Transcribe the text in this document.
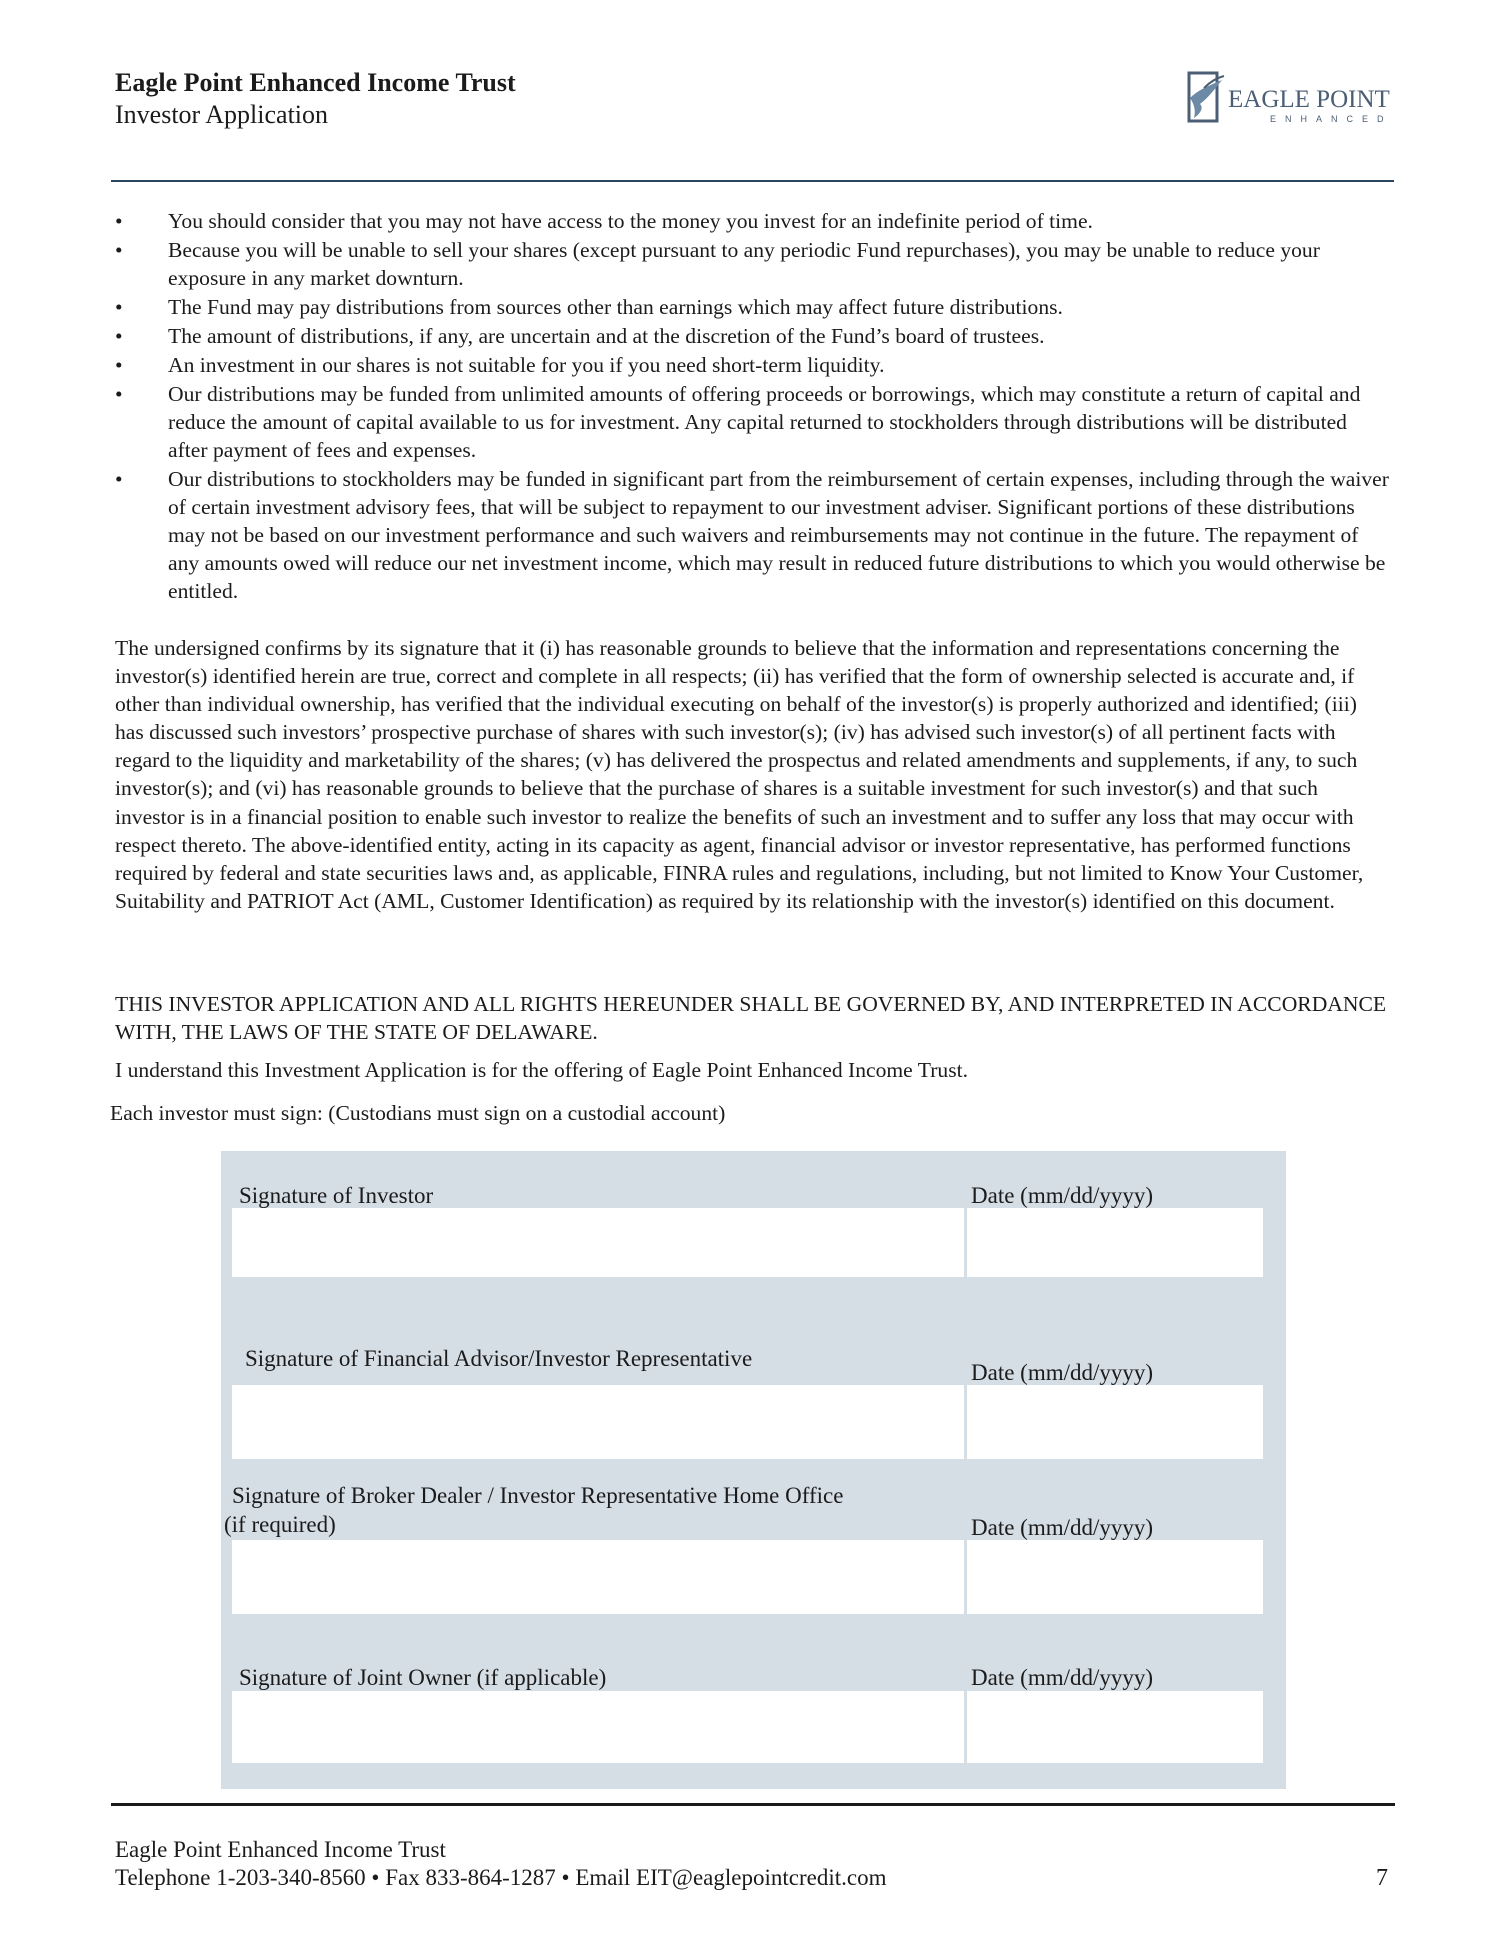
Eagle Point Enhanced Income Trust
Investor Application
EAGLE POINT
ENHANCED
• You should consider that you may not have access to the money you invest for an indefinite period of time.
• Because you will be unable to sell your shares (except pursuant to any periodic Fund repurchases), you may be unable to reduce your exposure in any market downturn.
• The Fund may pay distributions from sources other than earnings which may affect future distributions.
• The amount of distributions, if any, are uncertain and at the discretion of the Fund’s board of trustees.
• An investment in our shares is not suitable for you if you need short-term liquidity.
• Our distributions may be funded from unlimited amounts of offering proceeds or borrowings, which may constitute a return of capital and reduce the amount of capital available to us for investment. Any capital returned to stockholders through distributions will be distributed after payment of fees and expenses.
• Our distributions to stockholders may be funded in significant part from the reimbursement of certain expenses, including through the waiver of certain investment advisory fees, that will be subject to repayment to our investment adviser. Significant portions of these distributions may not be based on our investment performance and such waivers and reimbursements may not continue in the future. The repayment of any amounts owed will reduce our net investment income, which may result in reduced future distributions to which you would otherwise be entitled.

The undersigned confirms by its signature that it (i) has reasonable grounds to believe that the information and representations concerning the investor(s) identified herein are true, correct and complete in all respects; (ii) has verified that the form of ownership selected is accurate and, if other than individual ownership, has verified that the individual executing on behalf of the investor(s) is properly authorized and identified; (iii) has discussed such investors’ prospective purchase of shares with such investor(s); (iv) has advised such investor(s) of all pertinent facts with regard to the liquidity and marketability of the shares; (v) has delivered the prospectus and related amendments and supplements, if any, to such investor(s); and (vi) has reasonable grounds to believe that the purchase of shares is a suitable investment for such investor(s) and that such investor is in a financial position to enable such investor to realize the benefits of such an investment and to suffer any loss that may occur with respect thereto. The above-identified entity, acting in its capacity as agent, financial advisor or investor representative, has performed functions required by federal and state securities laws and, as applicable, FINRA rules and regulations, including, but not limited to Know Your Customer, Suitability and PATRIOT Act (AML, Customer Identification) as required by its relationship with the investor(s) identified on this document.

THIS INVESTOR APPLICATION AND ALL RIGHTS HEREUNDER SHALL BE GOVERNED BY, AND INTERPRETED IN ACCORDANCE WITH, THE LAWS OF THE STATE OF DELAWARE.

I understand this Investment Application is for the offering of Eagle Point Enhanced Income Trust.

Each investor must sign: (Custodians must sign on a custodial account)

Signature of Investor	Date (mm/dd/yyyy)
Signature of Financial Advisor/Investor Representative
Date (mm/dd/yyyy)
Signature of Broker Dealer / Investor Representative Home Office
(if required)	Date (mm/dd/yyyy)
Signature of Joint Owner (if applicable)	Date (mm/dd/yyyy)
Eagle Point Enhanced Income Trust
Telephone 1-203-340-8560 • Fax 833-864-1287 • Email EIT@eaglepointcredit.com	7
